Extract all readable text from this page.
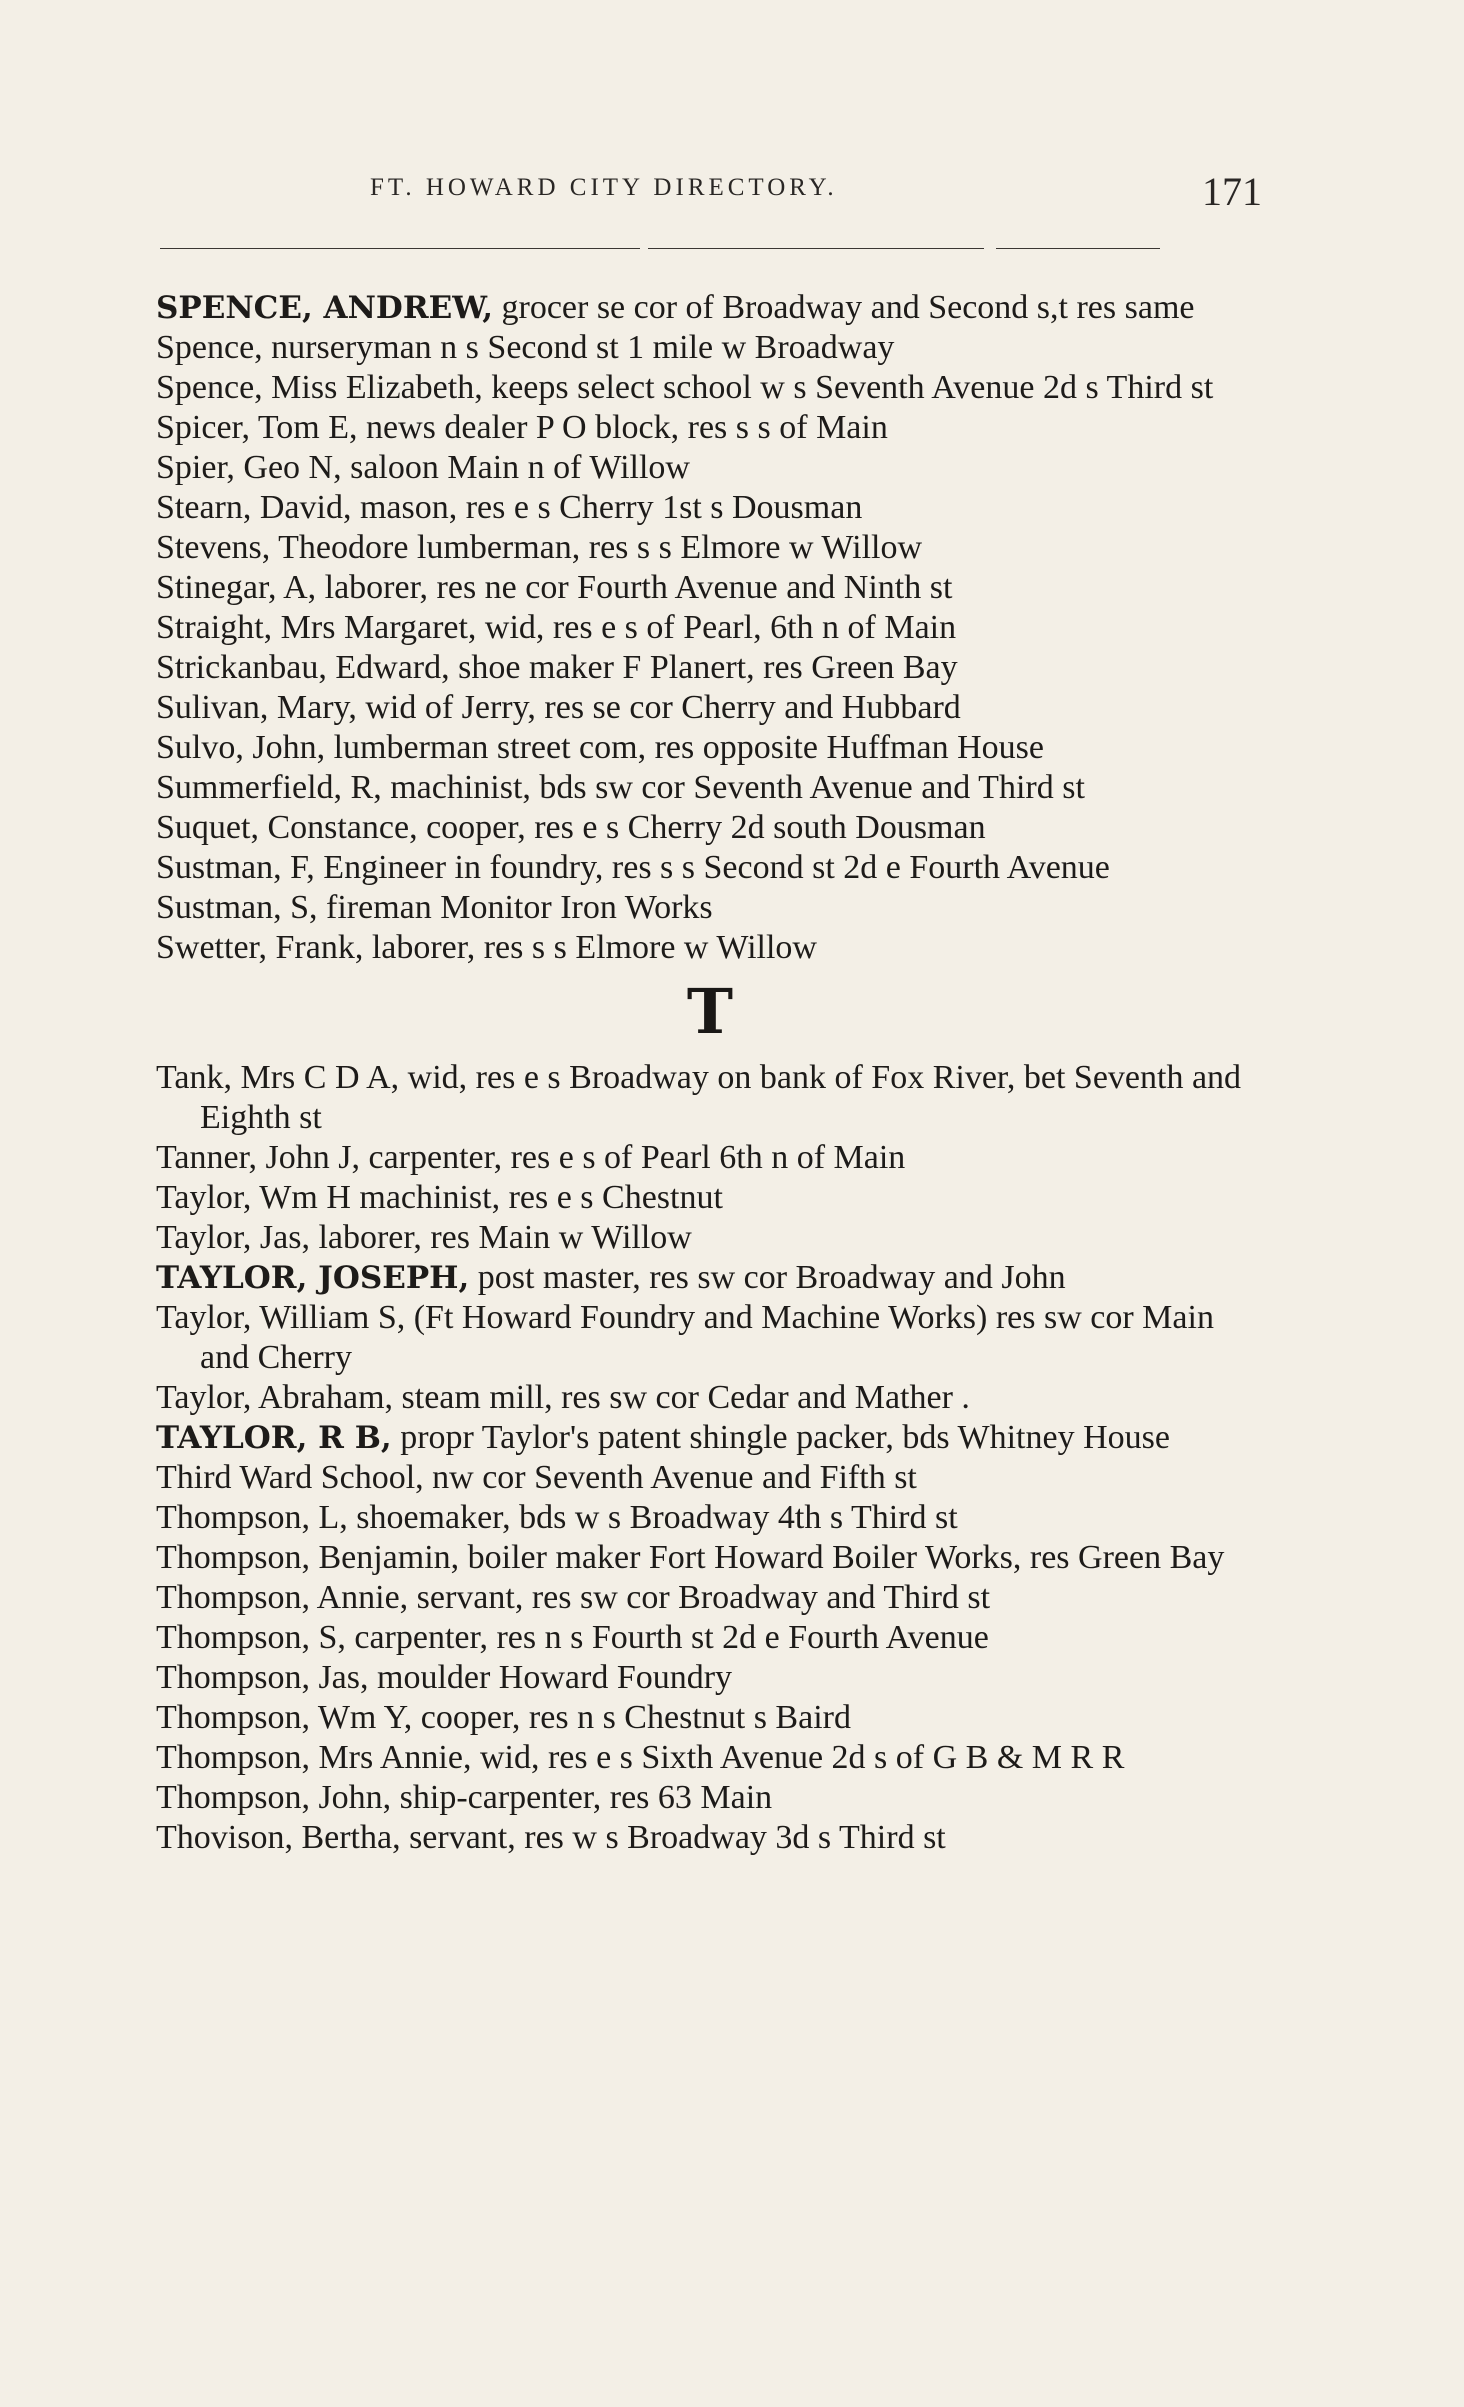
FT. HOWARD CITY DIRECTORY.	171
SPENCE, ANDREW, grocer se cor of Broadway and Second s,t res same
Spence, nurseryman n s Second st 1 mile w Broadway
Spence, Miss Elizabeth, keeps select school w s Seventh Avenue 2d s Third st
Spicer, Tom E, news dealer P O block, res s s of Main
Spier, Geo N, saloon Main n of Willow
Stearn, David, mason, res e s Cherry 1st s Dousman
Stevens, Theodore lumberman, res s s Elmore w Willow
Stinegar, A, laborer, res ne cor Fourth Avenue and Ninth st
Straight, Mrs Margaret, wid, res e s of Pearl, 6th n of Main
Strickanbau, Edward, shoe maker F Planert, res Green Bay
Sulivan, Mary, wid of Jerry, res se cor Cherry and Hubbard
Sulvo, John, lumberman street com, res opposite Huffman House
Summerfield, R, machinist, bds sw cor Seventh Avenue and Third st
Suquet, Constance, cooper, res e s Cherry 2d south Dousman
Sustman, F, Engineer in foundry, res s s Second st 2d e Fourth Avenue
Sustman, S, fireman Monitor Iron Works
Swetter, Frank, laborer, res s s Elmore w Willow
T
Tank, Mrs C D A, wid, res e s Broadway on bank of Fox River, bet Seventh and Eighth st
Tanner, John J, carpenter, res e s of Pearl 6th n of Main
Taylor, Wm H machinist, res e s Chestnut
Taylor, Jas, laborer, res Main w Willow
TAYLOR, JOSEPH, post master, res sw cor Broadway and John
Taylor, William S, (Ft Howard Foundry and Machine Works) res sw cor Main and Cherry
Taylor, Abraham, steam mill, res sw cor Cedar and Mather .
TAYLOR, R B, propr Taylor's patent shingle packer, bds Whitney House
Third Ward School, nw cor Seventh Avenue and Fifth st
Thompson, L, shoemaker, bds w s Broadway 4th s Third st
Thompson, Benjamin, boiler maker Fort Howard Boiler Works, res Green Bay
Thompson, Annie, servant, res sw cor Broadway and Third st
Thompson, S, carpenter, res n s Fourth st 2d e Fourth Avenue
Thompson, Jas, moulder Howard Foundry
Thompson, Wm Y, cooper, res n s Chestnut s Baird
Thompson, Mrs Annie, wid, res e s Sixth Avenue 2d s of G B & M R R
Thompson, John, ship-carpenter, res 63 Main
Thovison, Bertha, servant, res w s Broadway 3d s Third st
